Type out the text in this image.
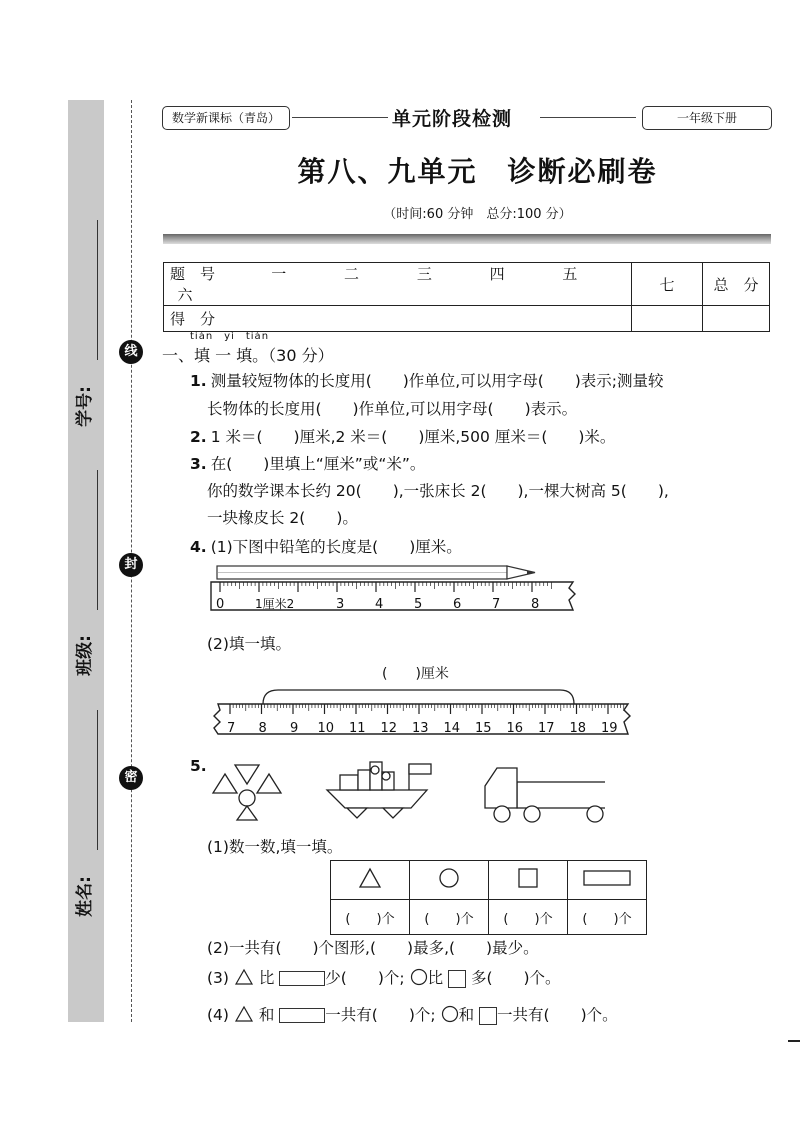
学号:
班级:
姓名:
线
封
密
数学新课标（青岛）	单元阶段检测	一年级下册
第八、九单元　诊断必刷卷
（时间:60 分钟　总分:100 分）
题　号 一 二 三 四 五 六	七	总　分
得　分		
tián　yì　tián
一、填 一 填。（30 分）
1. 测量较短物体的长度用(　　)作单位,可以用字母(　　)表示;测量较
长物体的长度用(　　)作单位,可以用字母(　　)表示。
2. 1 米＝(　　)厘米,2 米＝(　　)厘米,500 厘米＝(　　)米。
3. 在(　　)里填上“厘米”或“米”。
你的数学课本长约 20(　　),一张床长 2(　　),一棵大树高 5(　　),
一块橡皮长 2(　　)。
4. (1)下图中铅笔的长度是(　　)厘米。
0	1厘米2	3 4 5 6 7 8
(2)填一填。
(　　)厘米
7 8 9 10 11 12 13 14 15 16 17 18 19
5.
(1)数一数,填一填。

(　　)个	(　　)个	(　　)个	(　　)个
(2)一共有(　　)个图形,(　　)最多,(　　)最少。
(3) 比	少(　　)个; 比 多(　　)个。
(4) 和	一共有(　　)个; 和 一共有(　　)个。
